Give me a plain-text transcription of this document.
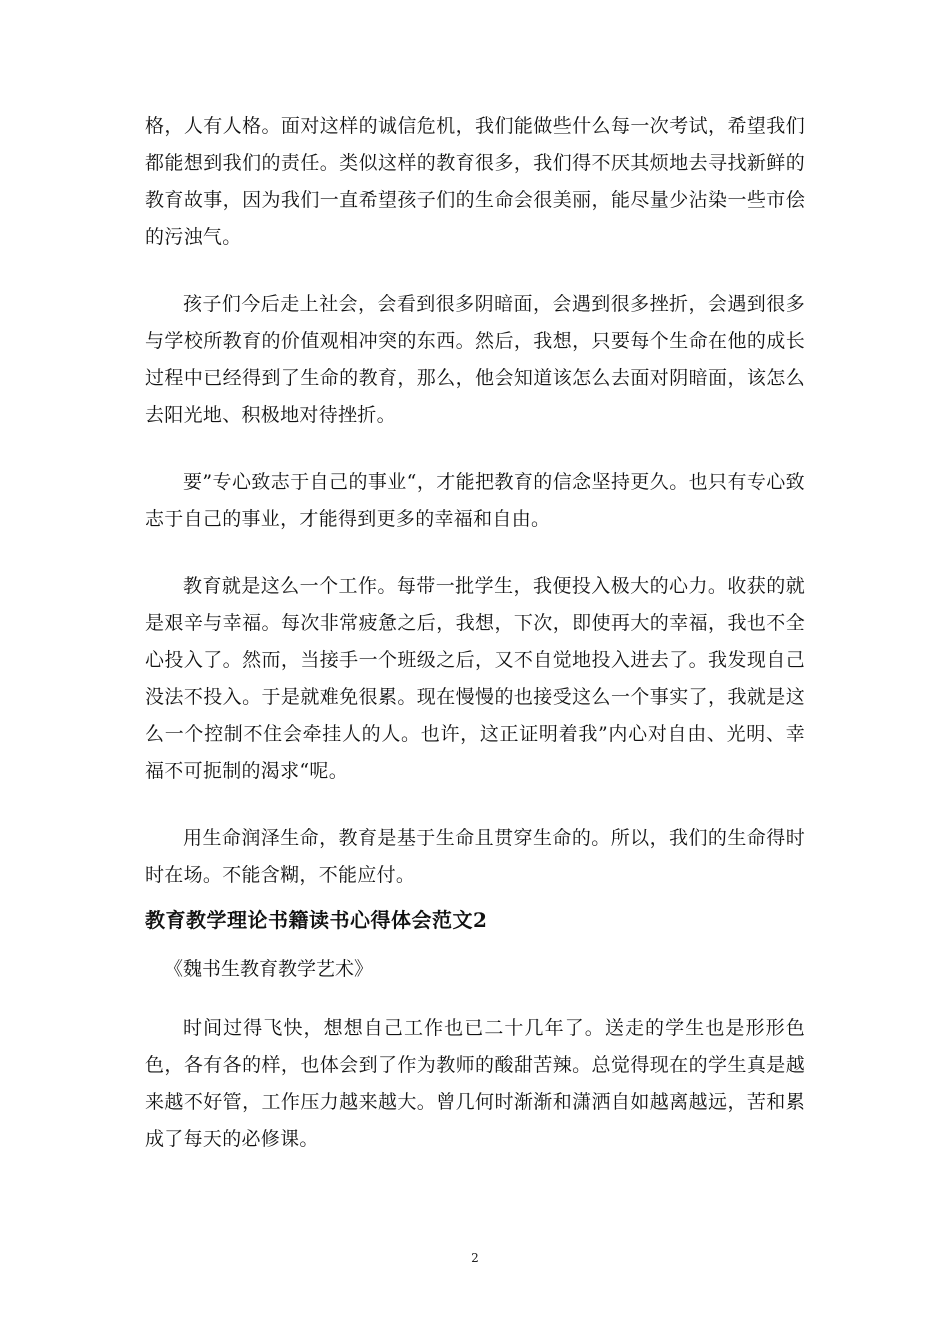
格，人有人格。面对这样的诚信危机，我们能做些什么每一次考试，希望我们都能想到我们的责任。类似这样的教育很多，我们得不厌其烦地去寻找新鲜的教育故事，因为我们一直希望孩子们的生命会很美丽，能尽量少沾染一些市侩的污浊气。

孩子们今后走上社会，会看到很多阴暗面，会遇到很多挫折，会遇到很多与学校所教育的价值观相冲突的东西。然后，我想，只要每个生命在他的成长过程中已经得到了生命的教育，那么，他会知道该怎么去面对阴暗面，该怎么去阳光地、积极地对待挫折。

要”专心致志于自己的事业“，才能把教育的信念坚持更久。也只有专心致志于自己的事业，才能得到更多的幸福和自由。

教育就是这么一个工作。每带一批学生，我便投入极大的心力。收获的就是艰辛与幸福。每次非常疲惫之后，我想，下次，即使再大的幸福，我也不全心投入了。然而，当接手一个班级之后，又不自觉地投入进去了。我发现自己没法不投入。于是就难免很累。现在慢慢的也接受这么一个事实了，我就是这么一个控制不住会牵挂人的人。也许，这正证明着我”内心对自由、光明、幸福不可扼制的渴求“呢。

用生命润泽生命，教育是基于生命且贯穿生命的。所以，我们的生命得时时在场。不能含糊，不能应付。

教育教学理论书籍读书心得体会范文2

《魏书生教育教学艺术》

时间过得飞快，想想自己工作也已二十几年了。送走的学生也是形形色色，各有各的样，也体会到了作为教师的酸甜苦辣。总觉得现在的学生真是越来越不好管，工作压力越来越大。曾几何时渐渐和潇洒自如越离越远，苦和累成了每天的必修课。

2
